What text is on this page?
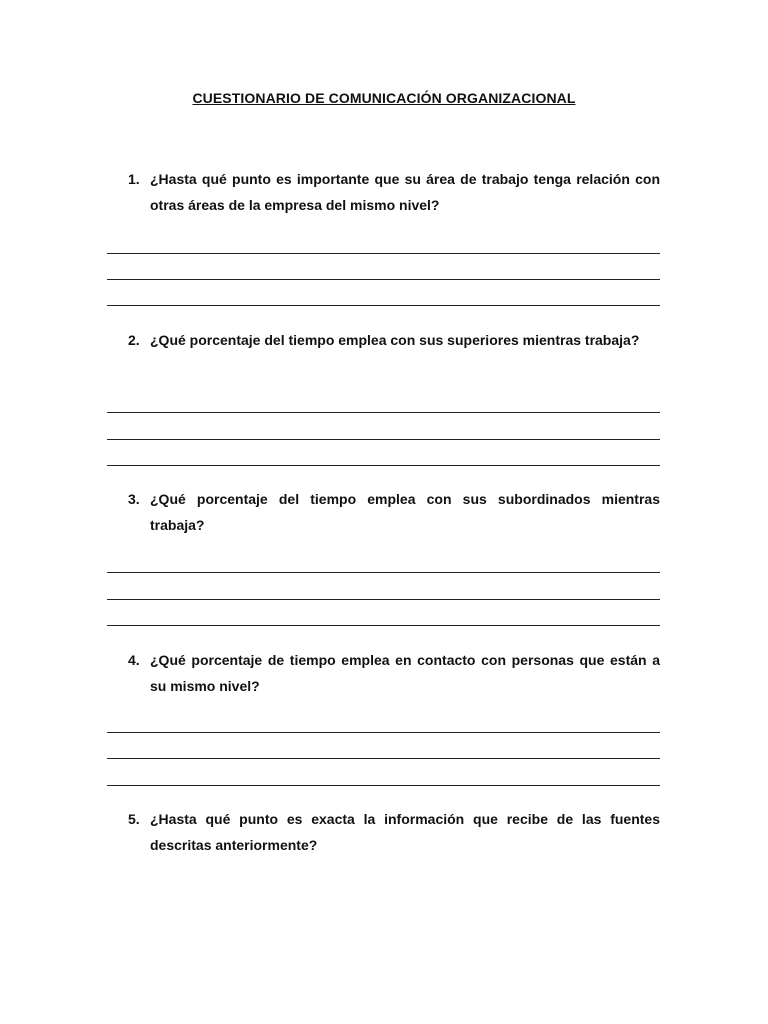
CUESTIONARIO DE COMUNICACIÓN ORGANIZACIONAL
1. ¿Hasta qué punto es importante que su área de trabajo tenga relación con otras áreas de la empresa del mismo nivel?
2. ¿Qué porcentaje del tiempo emplea con sus superiores mientras trabaja?
3. ¿Qué porcentaje del tiempo emplea con sus subordinados mientras trabaja?
4. ¿Qué porcentaje de tiempo emplea en contacto con personas que están a su mismo nivel?
5. ¿Hasta qué punto es exacta la información que recibe de las fuentes descritas anteriormente?
